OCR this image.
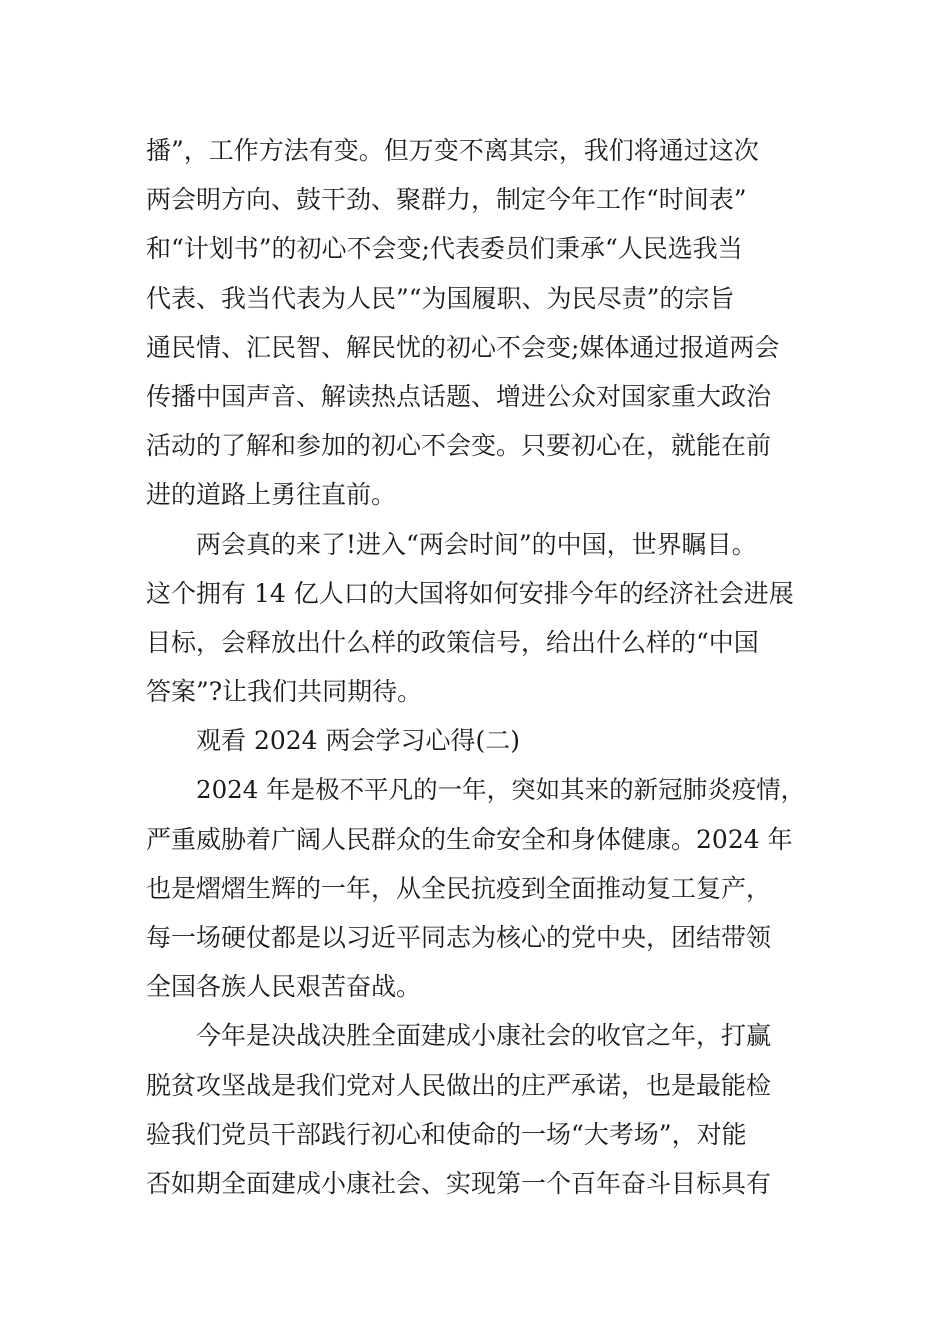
播”，工作方法有变。但万变不离其宗，我们将通过这次
两会明方向、鼓干劲、聚群力，制定今年工作“时间表”
和“计划书”的初心不会变;代表委员们秉承“人民选我当
代表、我当代表为人民”“为国履职、为民尽责”的宗旨
通民情、汇民智、解民忧的初心不会变;媒体通过报道两会
传播中国声音、解读热点话题、增进公众对国家重大政治
活动的了解和参加的初心不会变。只要初心在，就能在前
进的道路上勇往直前。
两会真的来了!进入“两会时间”的中国，世界瞩目。
这个拥有 14 亿人口的大国将如何安排今年的经济社会进展
目标，会释放出什么样的政策信号，给出什么样的“中国
答案”?让我们共同期待。
观看 2024 两会学习心得(二)
2024 年是极不平凡的一年，突如其来的新冠肺炎疫情，
严重威胁着广阔人民群众的生命安全和身体健康。2024 年
也是熠熠生辉的一年，从全民抗疫到全面推动复工复产，
每一场硬仗都是以习近平同志为核心的党中央，团结带领
全国各族人民艰苦奋战。
今年是决战决胜全面建成小康社会的收官之年，打赢
脱贫攻坚战是我们党对人民做出的庄严承诺，也是最能检
验我们党员干部践行初心和使命的一场“大考场”，对能
否如期全面建成小康社会、实现第一个百年奋斗目标具有
